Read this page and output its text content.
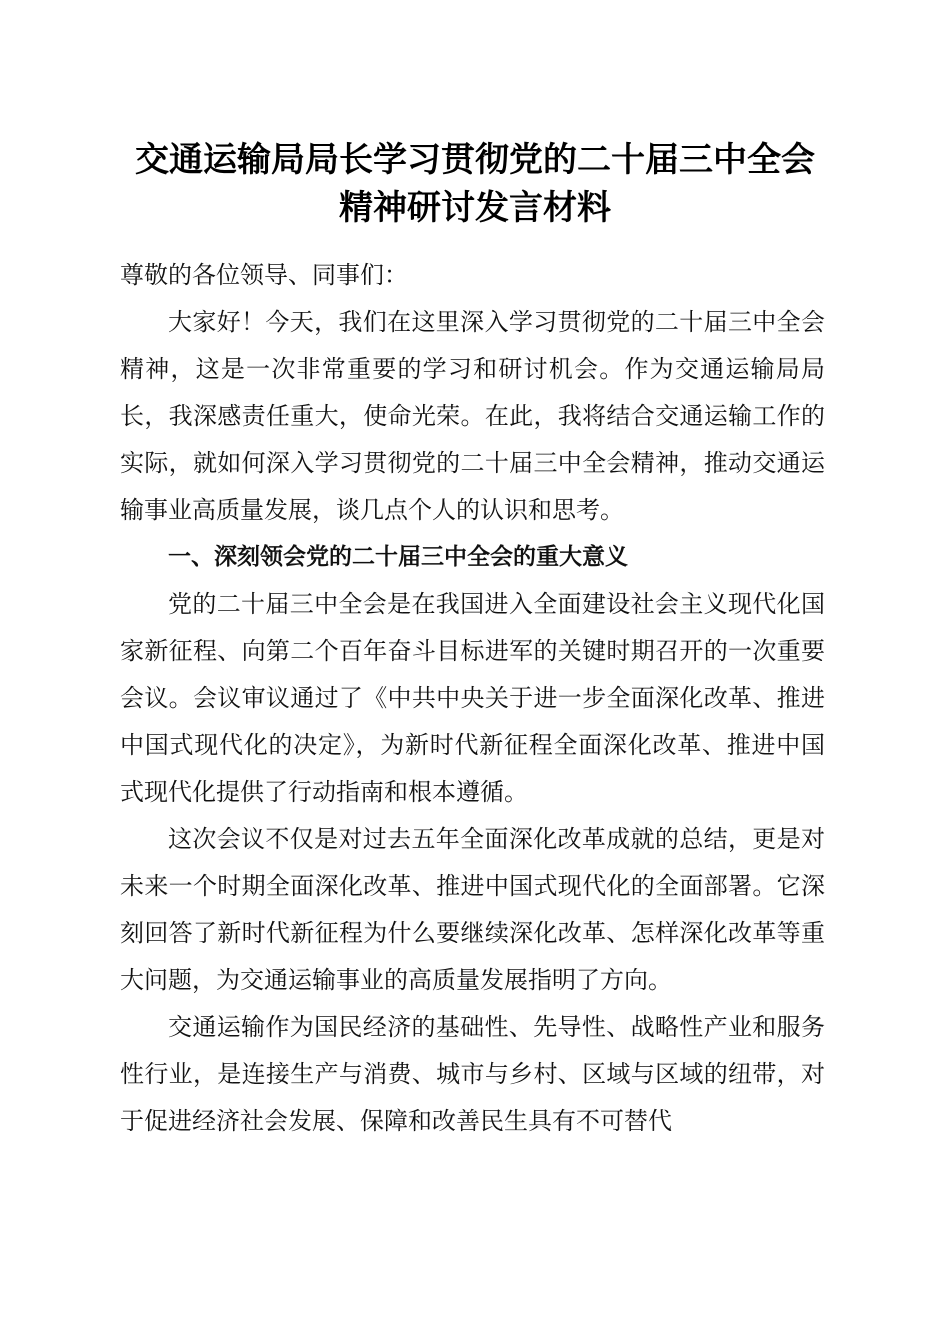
交通运输局局长学习贯彻党的二十届三中全会
精神研讨发言材料

尊敬的各位领导、同事们：

大家好！今天，我们在这里深入学习贯彻党的二十届三中全会精神，这是一次非常重要的学习和研讨机会。作为交通运输局局长，我深感责任重大，使命光荣。在此，我将结合交通运输工作的实际，就如何深入学习贯彻党的二十届三中全会精神，推动交通运输事业高质量发展，谈几点个人的认识和思考。

一、深刻领会党的二十届三中全会的重大意义

党的二十届三中全会是在我国进入全面建设社会主义现代化国家新征程、向第二个百年奋斗目标进军的关键时期召开的一次重要会议。会议审议通过了《中共中央关于进一步全面深化改革、推进中国式现代化的决定》，为新时代新征程全面深化改革、推进中国式现代化提供了行动指南和根本遵循。

这次会议不仅是对过去五年全面深化改革成就的总结，更是对未来一个时期全面深化改革、推进中国式现代化的全面部署。它深刻回答了新时代新征程为什么要继续深化改革、怎样深化改革等重大问题，为交通运输事业的高质量发展指明了方向。

交通运输作为国民经济的基础性、先导性、战略性产业和服务性行业，是连接生产与消费、城市与乡村、区域与区域的纽带，对于促进经济社会发展、保障和改善民生具有不可替代
